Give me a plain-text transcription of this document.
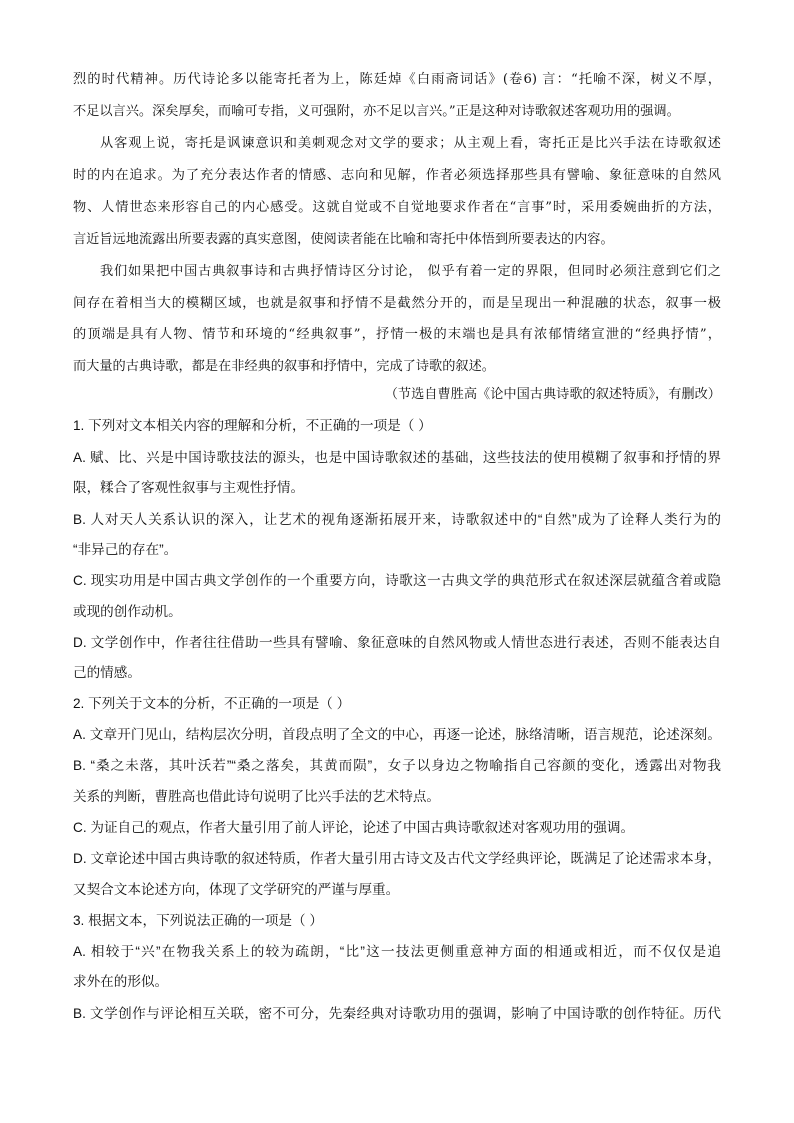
烈的时代精神。历代诗论多以能寄托者为上，陈廷焯《白雨斋词话》(卷6) 言：“托喻不深，树义不厚，
不足以言兴。深矣厚矣，而喻可专指，义可强附，亦不足以言兴。”正是这种对诗歌叙述客观功用的强调。
从客观上说，寄托是讽谏意识和美刺观念对文学的要求；从主观上看，寄托正是比兴手法在诗歌叙述
时的内在追求。为了充分表达作者的情感、志向和见解，作者必须选择那些具有譬喻、象征意味的自然风
物、人情世态来形容自己的内心感受。这就自觉或不自觉地要求作者在“言事”时，采用委婉曲折的方法，
言近旨远地流露出所要表露的真实意图，使阅读者能在比喻和寄托中体悟到所要表达的内容。
我们如果把中国古典叙事诗和古典抒情诗区分讨论， 似乎有着一定的界限，但同时必须注意到它们之
间存在着相当大的模糊区域，也就是叙事和抒情不是截然分开的，而是呈现出一种混融的状态，叙事一极
的顶端是具有人物、情节和环境的“经典叙事”，抒情一极的末端也是具有浓郁情绪宣泄的“经典抒情”，
而大量的古典诗歌，都是在非经典的叙事和抒情中，完成了诗歌的叙述。
（节选自曹胜高《论中国古典诗歌的叙述特质》，有删改）
1. 下列对文本相关内容的理解和分析，不正确的一项是（ ）
A. 赋、比、兴是中国诗歌技法的源头，也是中国诗歌叙述的基础，这些技法的使用模糊了叙事和抒情的界
限，糅合了客观性叙事与主观性抒情。
B. 人对天人关系认识的深入，让艺术的视角逐渐拓展开来，诗歌叙述中的“自然”成为了诠释人类行为的
“非异己的存在”。
C. 现实功用是中国古典文学创作的一个重要方向，诗歌这一古典文学的典范形式在叙述深层就蕴含着或隐
或现的创作动机。
D. 文学创作中，作者往往借助一些具有譬喻、象征意味的自然风物或人情世态进行表述，否则不能表达自
己的情感。
2. 下列关于文本的分析，不正确的一项是（ ）
A. 文章开门见山，结构层次分明，首段点明了全文的中心，再逐一论述，脉络清晰，语言规范，论述深刻。
B. “桑之未落，其叶沃若”“桑之落矣，其黄而陨”，女子以身边之物喻指自己容颜的变化，透露出对物我
关系的判断，曹胜高也借此诗句说明了比兴手法的艺术特点。
C. 为证自己的观点，作者大量引用了前人评论，论述了中国古典诗歌叙述对客观功用的强调。
D. 文章论述中国古典诗歌的叙述特质，作者大量引用古诗文及古代文学经典评论，既满足了论述需求本身，
又契合文本论述方向，体现了文学研究的严谨与厚重。
3. 根据文本，下列说法正确的一项是（ ）
A. 相较于“兴”在物我关系上的较为疏朗，“比”这一技法更侧重意神方面的相通或相近，而不仅仅是追
求外在的形似。
B. 文学创作与评论相互关联，密不可分，先秦经典对诗歌功用的强调，影响了中国诗歌的创作特征。历代
